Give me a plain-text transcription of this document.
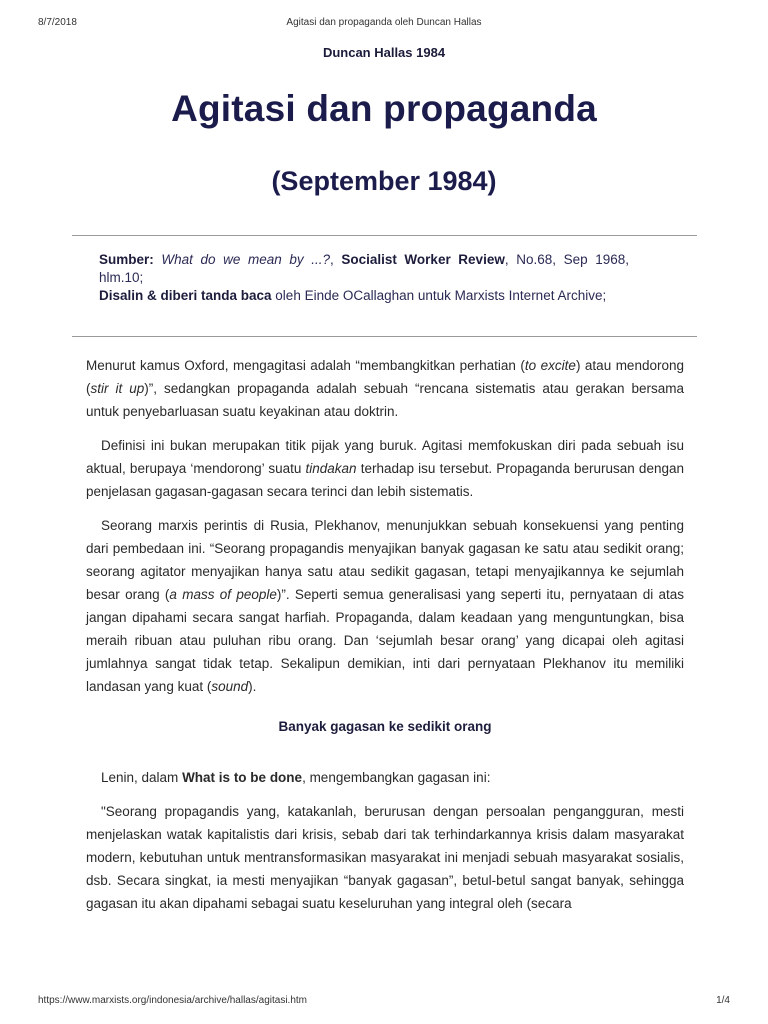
8/7/2018	Agitasi dan propaganda oleh Duncan Hallas
Duncan Hallas 1984
Agitasi dan propaganda
(September 1984)

Sumber: What do we mean by ...?, Socialist Worker Review, No.68, Sep 1968, hlm.10;

Disalin & diberi tanda baca oleh Einde OCallaghan untuk Marxists Internet Archive;

Menurut kamus Oxford, mengagitasi adalah “membangkitkan perhatian (to excite) atau mendorong (stir it up)”, sedangkan propaganda adalah sebuah “rencana sistematis atau gerakan bersama untuk penyebarluasan suatu keyakinan atau doktrin.

Definisi ini bukan merupakan titik pijak yang buruk. Agitasi memfokuskan diri pada sebuah isu aktual, berupaya ‘mendorong’ suatu tindakan terhadap isu tersebut. Propaganda berurusan dengan penjelasan gagasan-gagasan secara terinci dan lebih sistematis.

Seorang marxis perintis di Rusia, Plekhanov, menunjukkan sebuah konsekuensi yang penting dari pembedaan ini. “Seorang propagandis menyajikan banyak gagasan ke satu atau sedikit orang; seorang agitator menyajikan hanya satu atau sedikit gagasan, tetapi menyajikannya ke sejumlah besar orang (a mass of people)”. Seperti semua generalisasi yang seperti itu, pernyataan di atas jangan dipahami secara sangat harfiah. Propaganda, dalam keadaan yang menguntungkan, bisa meraih ribuan atau puluhan ribu orang. Dan ‘sejumlah besar orang’ yang dicapai oleh agitasi jumlahnya sangat tidak tetap. Sekalipun demikian, inti dari pernyataan Plekhanov itu memiliki landasan yang kuat (sound).

Banyak gagasan ke sedikit orang

Lenin, dalam What is to be done, mengembangkan gagasan ini:

"Seorang propagandis yang, katakanlah, berurusan dengan persoalan pengangguran, mesti menjelaskan watak kapitalistis dari krisis, sebab dari tak terhindarkannya krisis dalam masyarakat modern, kebutuhan untuk mentransformasikan masyarakat ini menjadi sebuah masyarakat sosialis, dsb. Secara singkat, ia mesti menyajikan “banyak gagasan”, betul-betul sangat banyak, sehingga gagasan itu akan dipahami sebagai suatu keseluruhan yang integral oleh (secara

https://www.marxists.org/indonesia/archive/hallas/agitasi.htm	1/4
